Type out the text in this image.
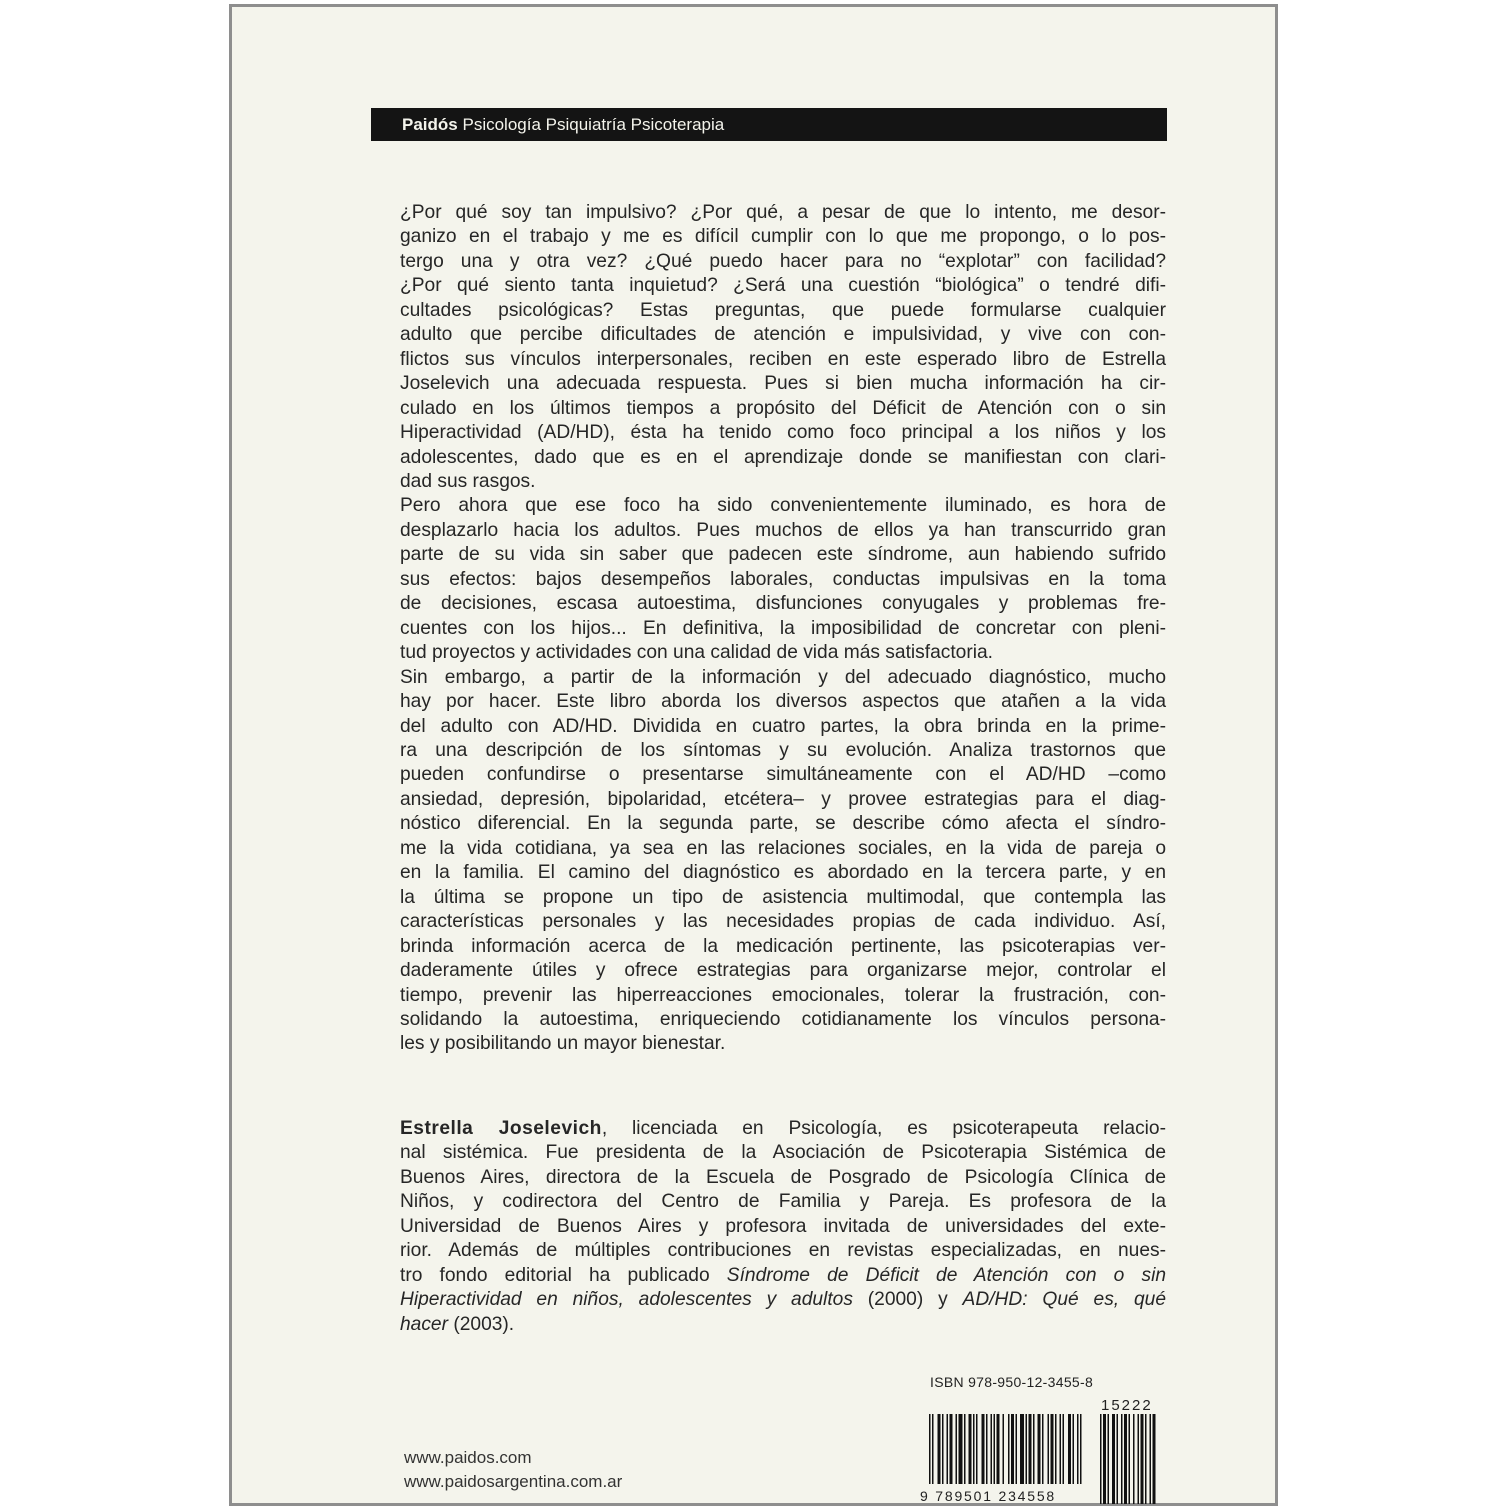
Paidós Psicología Psiquiatría Psicoterapia
¿Por qué soy tan impulsivo? ¿Por qué, a pesar de que lo intento, me desor-
ganizo en el trabajo y me es difícil cumplir con lo que me propongo, o lo pos-
tergo una y otra vez? ¿Qué puedo hacer para no “explotar” con facilidad?
¿Por qué siento tanta inquietud? ¿Será una cuestión “biológica” o tendré difi-
cultades psicológicas? Estas preguntas, que puede formularse cualquier
adulto que percibe dificultades de atención e impulsividad, y vive con con-
flictos sus vínculos interpersonales, reciben en este esperado libro de Estrella
Joselevich una adecuada respuesta. Pues si bien mucha información ha cir-
culado en los últimos tiempos a propósito del Déficit de Atención con o sin
Hiperactividad (AD/HD), ésta ha tenido como foco principal a los niños y los
adolescentes, dado que es en el aprendizaje donde se manifiestan con clari-
dad sus rasgos.
Pero ahora que ese foco ha sido convenientemente iluminado, es hora de
desplazarlo hacia los adultos. Pues muchos de ellos ya han transcurrido gran
parte de su vida sin saber que padecen este síndrome, aun habiendo sufrido
sus efectos: bajos desempeños laborales, conductas impulsivas en la toma
de decisiones, escasa autoestima, disfunciones conyugales y problemas fre-
cuentes con los hijos... En definitiva, la imposibilidad de concretar con pleni-
tud proyectos y actividades con una calidad de vida más satisfactoria.
Sin embargo, a partir de la información y del adecuado diagnóstico, mucho
hay por hacer. Este libro aborda los diversos aspectos que atañen a la vida
del adulto con AD/HD. Dividida en cuatro partes, la obra brinda en la prime-
ra una descripción de los síntomas y su evolución. Analiza trastornos que
pueden confundirse o presentarse simultáneamente con el AD/HD –como
ansiedad, depresión, bipolaridad, etcétera– y provee estrategias para el diag-
nóstico diferencial. En la segunda parte, se describe cómo afecta el síndro-
me la vida cotidiana, ya sea en las relaciones sociales, en la vida de pareja o
en la familia. El camino del diagnóstico es abordado en la tercera parte, y en
la última se propone un tipo de asistencia multimodal, que contempla las
características personales y las necesidades propias de cada individuo. Así,
brinda información acerca de la medicación pertinente, las psicoterapias ver-
daderamente útiles y ofrece estrategias para organizarse mejor, controlar el
tiempo, prevenir las hiperreacciones emocionales, tolerar la frustración, con-
solidando la autoestima, enriqueciendo cotidianamente los vínculos persona-
les y posibilitando un mayor bienestar.
Estrella Joselevich, licenciada en Psicología, es psicoterapeuta relacio-
nal sistémica. Fue presidenta de la Asociación de Psicoterapia Sistémica de
Buenos Aires, directora de la Escuela de Posgrado de Psicología Clínica de
Niños, y codirectora del Centro de Familia y Pareja. Es profesora de la
Universidad de Buenos Aires y profesora invitada de universidades del exte-
rior. Además de múltiples contribuciones en revistas especializadas, en nues-
tro fondo editorial ha publicado Síndrome de Déficit de Atención con o sin
Hiperactividad en niños, adolescentes y adultos (2000) y AD/HD: Qué es, qué
hacer (2003).
ISBN 978-950-12-3455-8
15222
9 789501 234558
www.paidos.com
www.paidosargentina.com.ar
